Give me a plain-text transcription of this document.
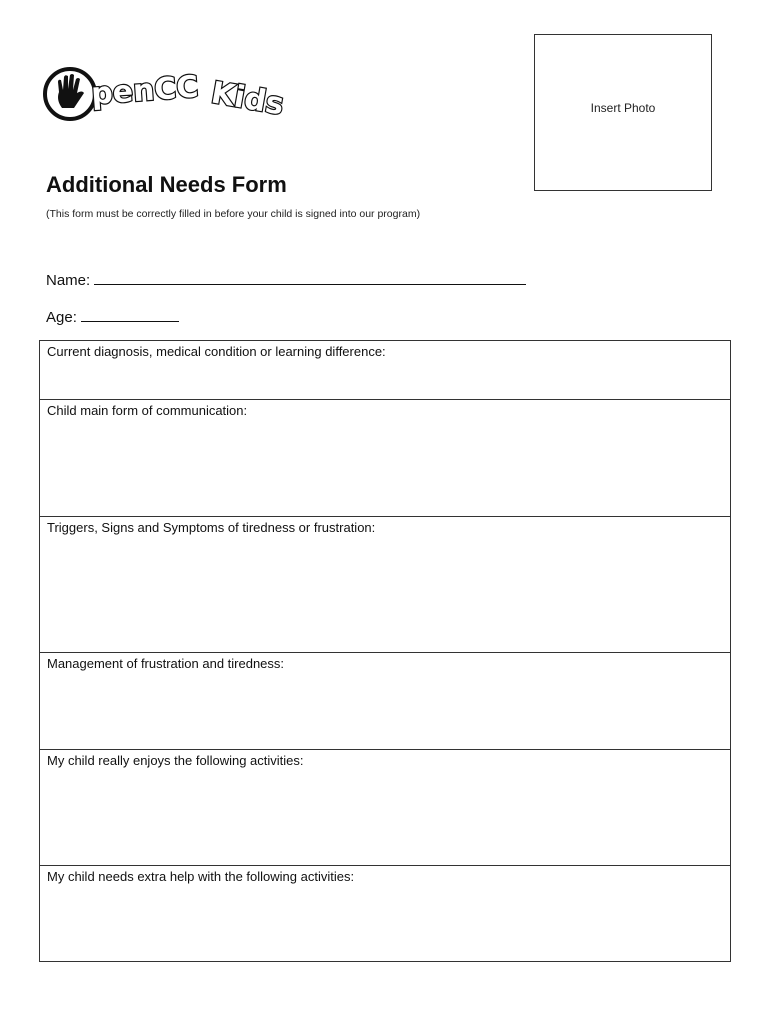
penCC Kids	Insert Photo
Additional Needs Form
(This form must be correctly filled in before your child is signed into our program)
Name:
Age:
Current diagnosis, medical condition or learning difference:
Child main form of communication:
Triggers, Signs and Symptoms of tiredness or frustration:
Management of frustration and tiredness:
My child really enjoys the following activities:
My child needs extra help with the following activities:
